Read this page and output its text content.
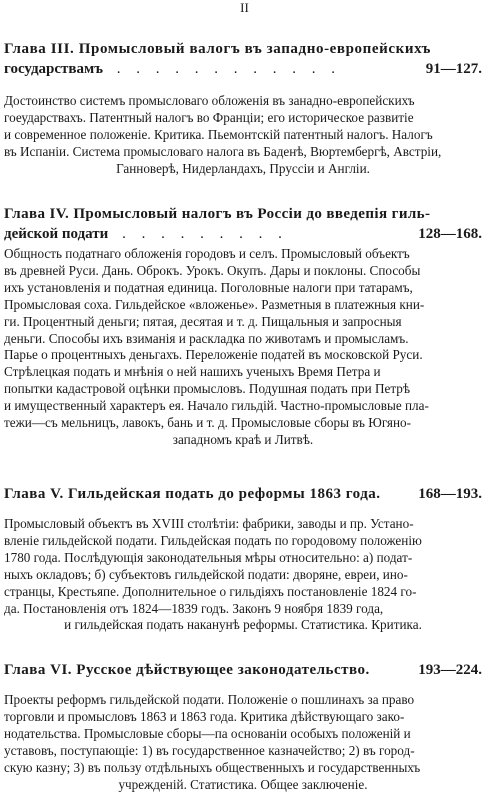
II
Глава III. Промысловый валогъ въ западно-европейскихъ
государствамъ . . . . . . . . . . . .	91—127.

Достоинство системъ промысловаго обложенія въ занадно-европейскихъ

гоеударствахъ. Патентный налогъ во Франціи; его историческое развитіе

и современное положеніе. Критика. Пьемонтскій патентный налогъ. Налогъ

въ Испаніи. Система промысловаго налога въ Баденѣ, Вюртембергѣ, Австріи,

Ганноверѣ, Нидерландахъ, Пруссіи и Англіи.

Глава IV. Промысловый налогъ въ Россіи до введепія гиль-
дейской подати . . . . . . . . .	128—168.

Общность податнаго обложенія городовъ и селъ. Промысловый объектъ

въ древней Руси. Дань. Оброкъ. Урокъ. Окупъ. Дары и поклоны. Способы

ихъ установленія и податная единица. Поголовные налоги при татарамъ,

Промысловая соха. Гильдейское «вложенье». Разметныя в платежныя кни-

ги. Процентный деньги; пятая, десятая и т. д. Пищальныя и запросныя

деньги. Способы ихъ взиманія и раскладка по животамъ и промысламъ.

Парье о процентныхъ деньгахъ. Переложеніе податей въ московской Руси.

Стрѣлецкая подать и мнѣнія о ней нашихъ ученыхъ Время Петра и

попытки кадастровой оцѣнки промысловъ. Подушная подать при Петрѣ

и имущественный характеръ ея. Начало гильдій. Частно-промысловые пла-

тежи—съ мельницъ, лавокъ, бань и т. д. Промысловые сборы въ Югяно-

западномъ краѣ и Литвѣ.

Глава V. Гильдейская подать до реформы 1863 года.	168—193.

Промысловый объектъ въ XVIII столѣтіи: фабрики, заводы и пр. Устано-

вленіе гильдейской подати. Гильдейская подать по городовому положенію

1780 года. Послѣдующія законодательныя мѣры относительно: а) подат-

ныхъ окладовъ; б) субъектовъ гильдейской подати: дворяне, евреи, ино-

странцы, Крестьяпе. Дополнительное о гильдіяхъ постановленіе 1824 го-

да. Постановленія отъ 1824—1839 годъ. Законъ 9 ноября 1839 года,

и гильдейская подать наканунѣ реформы. Статистика. Критика.

Глава VI. Русское дѣйствующее законодательство.	193—224.

Проекты реформъ гильдейской подати. Положеніе о пошлинахъ за право

торговли и промысловъ 1863 и 1863 года. Критика дѣйствующаго зако-

нодательства. Промысловые сборы—па основаніи особыхъ положеній и

уставовъ, поступающіе: 1) въ государственное казначейство; 2) въ город-

скую казну; 3) въ пользу отдѣльныхъ общественныхъ и государственныхъ

учрежденій. Статистика. Общее заключеніе.
